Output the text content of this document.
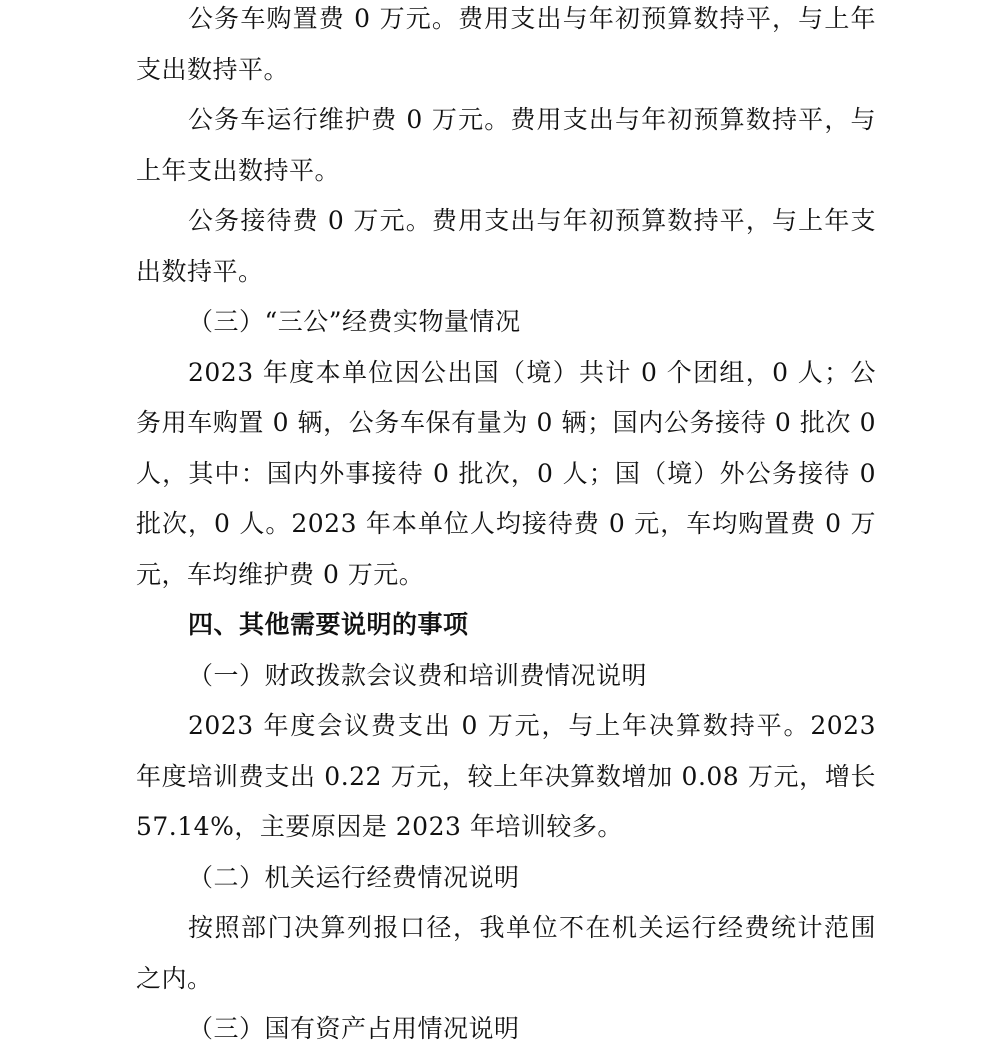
公务车购置费 0 万元。费用支出与年初预算数持平，与上年支出数持平。

公务车运行维护费 0 万元。费用支出与年初预算数持平，与上年支出数持平。

公务接待费 0 万元。费用支出与年初预算数持平，与上年支出数持平。

（三）“三公”经费实物量情况

2023 年度本单位因公出国（境）共计 0 个团组，0 人；公务用车购置 0 辆，公务车保有量为 0 辆；国内公务接待 0 批次 0 人，其中：国内外事接待 0 批次，0 人；国（境）外公务接待 0 批次，0 人。2023 年本单位人均接待费 0 元，车均购置费 0 万元，车均维护费 0 万元。

四、其他需要说明的事项

（一）财政拨款会议费和培训费情况说明

2023 年度会议费支出 0 万元，与上年决算数持平。2023 年度培训费支出 0.22 万元，较上年决算数增加 0.08 万元，增长 57.14%，主要原因是 2023 年培训较多。

（二）机关运行经费情况说明

按照部门决算列报口径，我单位不在机关运行经费统计范围之内。

（三）国有资产占用情况说明
